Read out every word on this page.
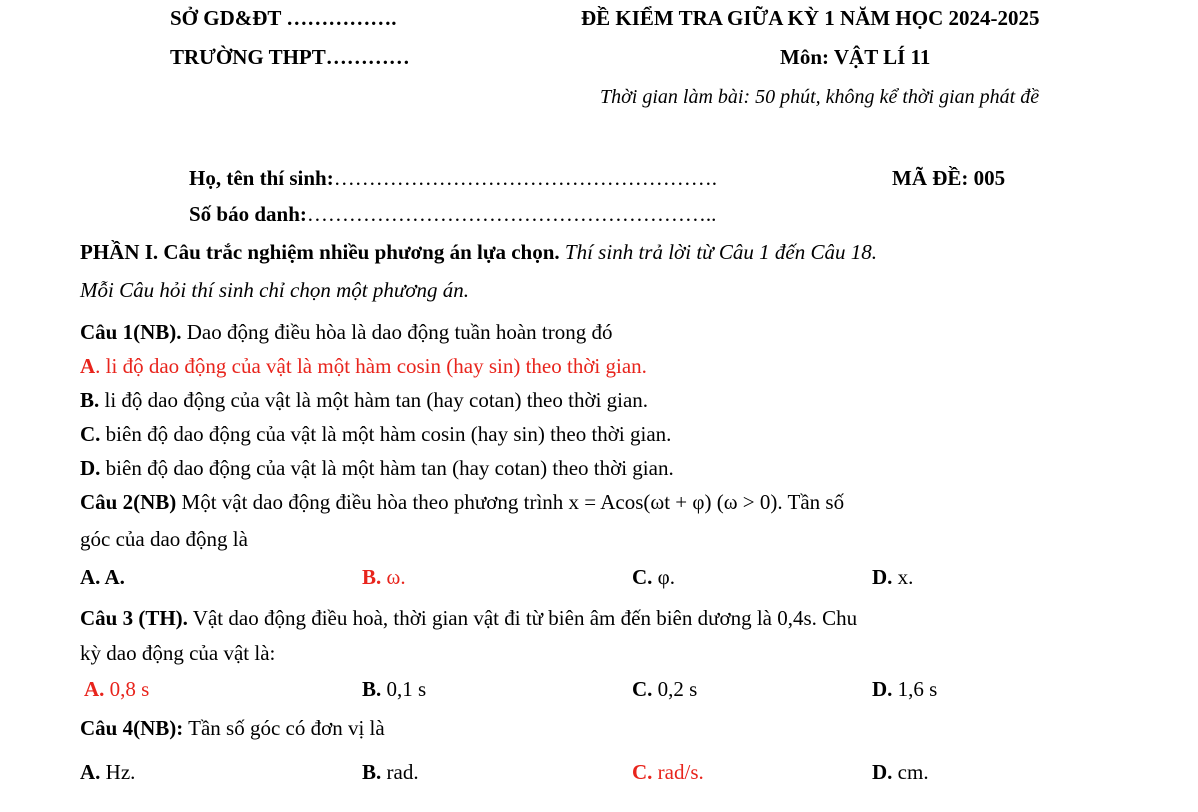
SỞ GD&ĐT …………….	ĐỀ KIỂM TRA GIỮA KỲ 1 NĂM HỌC 2024-2025
TRƯỜNG THPT…………	Môn: VẬT LÍ 11
Thời gian làm bài: 50 phút, không kể thời gian phát đề
Họ, tên thí sinh:……………………………………………….	MÃ ĐỀ: 005
Số báo danh:…………………………………………………..
PHẦN I. Câu trắc nghiệm nhiều phương án lựa chọn. Thí sinh trả lời từ Câu 1 đến Câu 18.
Mỗi Câu hỏi thí sinh chỉ chọn một phương án.
Câu 1(NB). Dao động điều hòa là dao động tuần hoàn trong đó
A. li độ dao động của vật là một hàm cosin (hay sin) theo thời gian.
B. li độ dao động của vật là một hàm tan (hay cotan) theo thời gian.
C. biên độ dao động của vật là một hàm cosin (hay sin) theo thời gian.
D. biên độ dao động của vật là một hàm tan (hay cotan) theo thời gian.
Câu 2(NB) Một vật dao động điều hòa theo phương trình x = Acos(ωt + φ) (ω > 0). Tần số
góc của dao động là
A. A.	B. ω.	C. φ.	D. x.
Câu 3 (TH). Vật dao động điều hoà, thời gian vật đi từ biên âm đến biên dương là 0,4s. Chu
kỳ dao động của vật là:
A. 0,8 s	B. 0,1 s	C. 0,2 s	D. 1,6 s
Câu 4(NB): Tần số góc có đơn vị là
A. Hz.	B. rad.	C. rad/s.	D. cm.
